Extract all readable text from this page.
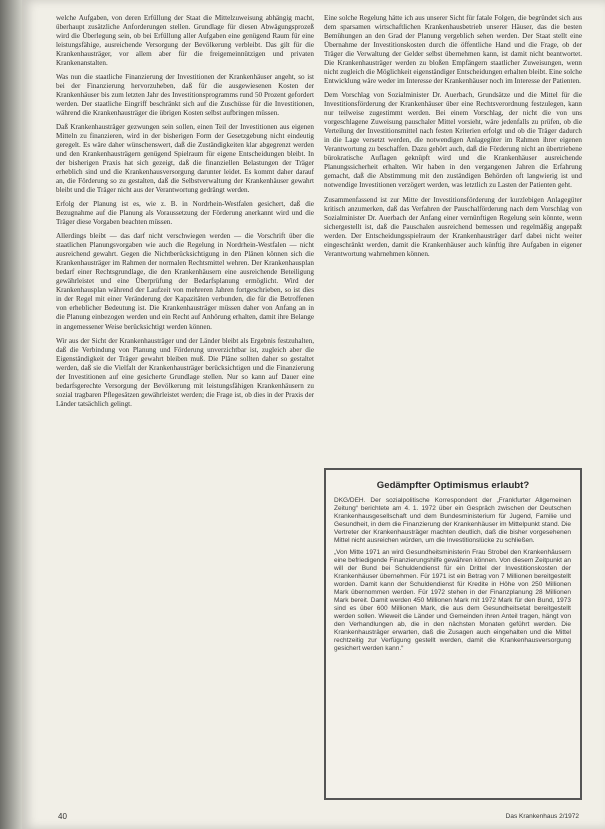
welche Aufgaben, von deren Erfüllung der Staat die Mittelzuweisung abhängig macht, überhaupt zusätzliche Anforderungen stellen. Grundlage für diesen Abwägungsprozeß wird die Überlegung sein, ob bei Erfüllung aller Aufgaben eine genügend Raum für eine leistungsfähige, ausreichende Versorgung der Bevölkerung verbleibt. Das gilt für die Krankenhausträger, vor allem aber für die freigemeinnützigen und privaten Krankenanstalten.

Was nun die staatliche Finanzierung der Investitionen der Krankenhäuser angeht, so ist bei der Finanzierung hervorzuheben, daß für die ausgewiesenen Kosten der Krankenhäuser bis zum letzten Jahr des Investitionsprogramms rund 50 Prozent gefordert werden. Der staatliche Eingriff beschränkt sich auf die Zuschüsse für die Investitionen, während die Krankenhausträger die übrigen Kosten selbst aufbringen müssen.

Daß Krankenhausträger gezwungen sein sollen, einen Teil der Investitionen aus eigenen Mitteln zu finanzieren, wird in der bisherigen Form der Gesetzgebung nicht eindeutig geregelt. Es wäre daher wünschenswert, daß die Zuständigkeiten klar abgegrenzt werden und den Krankenhausträgern genügend Spielraum für eigene Entscheidungen bleibt. In der bisherigen Praxis hat sich gezeigt, daß die finanziellen Belastungen der Träger erheblich sind und die Krankenhausversorgung darunter leidet. Es kommt daher darauf an, die Förderung so zu gestalten, daß die Selbstverwaltung der Krankenhäuser gewahrt bleibt und die Träger nicht aus der Verantwortung gedrängt werden.

Erfolg der Planung ist es, wie z. B. in Nordrhein-Westfalen gesichert, daß die Bezugnahme auf die Planung als Voraussetzung der Förderung anerkannt wird und die Träger diese Vorgaben beachten müssen.

Allerdings bleibt — das darf nicht verschwiegen werden — die Vorschrift über die staatlichen Planungsvorgaben wie auch die Regelung in Nordrhein-Westfalen — nicht ausreichend gewahrt. Gegen die Nichtberücksichtigung in den Plänen können sich die Krankenhausträger im Rahmen der normalen Rechtsmittel wehren. Der Krankenhausplan bedarf einer Rechtsgrundlage, die den Krankenhäusern eine ausreichende Beteiligung gewährleistet und eine Überprüfung der Bedarfsplanung ermöglicht. Wird der Krankenhausplan während der Laufzeit von mehreren Jahren fortgeschrieben, so ist dies in der Regel mit einer Veränderung der Kapazitäten verbunden, die für die Betroffenen von erheblicher Bedeutung ist. Die Krankenhausträger müssen daher von Anfang an in die Planung einbezogen werden und ein Recht auf Anhörung erhalten, damit ihre Belange in angemessener Weise berücksichtigt werden können.

Wir aus der Sicht der Krankenhausträger und der Länder bleibt als Ergebnis festzuhalten, daß die Verbindung von Planung und Förderung unverzichtbar ist, zugleich aber die Eigenständigkeit der Träger gewahrt bleiben muß. Die Pläne sollten daher so gestaltet werden, daß sie die Vielfalt der Krankenhausträger berücksichtigen und die Finanzierung der Investitionen auf eine gesicherte Grundlage stellen. Nur so kann auf Dauer eine bedarfsgerechte Versorgung der Bevölkerung mit leistungsfähigen Krankenhäusern zu sozial tragbaren Pflegesätzen gewährleistet werden; die Frage ist, ob dies in der Praxis der Länder tatsächlich gelingt.

Eine solche Regelung hätte ich aus unserer Sicht für fatale Folgen, die begründet sich aus dem sparsamen wirtschaftlichen Krankenhausbetrieb unserer Häuser, das die besten Bemühungen an den Grad der Planung vergeblich sehen werden. Der Staat stellt eine Übernahme der Investitionskosten durch die öffentliche Hand und die Frage, ob der Träger die Verwaltung der Gelder selbst übernehmen kann, ist damit nicht beantwortet. Die Krankenhausträger werden zu bloßen Empfängern staatlicher Zuweisungen, wenn nicht zugleich die Möglichkeit eigenständiger Entscheidungen erhalten bleibt. Eine solche Entwicklung wäre weder im Interesse der Krankenhäuser noch im Interesse der Patienten.

Dem Vorschlag von Sozialminister Dr. Auerbach, Grundsätze und die Mittel für die Investitionsförderung der Krankenhäuser über eine Rechtsverordnung festzulegen, kann nur teilweise zugestimmt werden. Bei einem Vorschlag, der nicht die von uns vorgeschlagene Zuweisung pauschaler Mittel vorsieht, wäre jedenfalls zu prüfen, ob die Verteilung der Investitionsmittel nach festen Kriterien erfolgt und ob die Träger dadurch in die Lage versetzt werden, die notwendigen Anlagegüter im Rahmen ihrer eigenen Verantwortung zu beschaffen. Dazu gehört auch, daß die Förderung nicht an übertriebene bürokratische Auflagen geknüpft wird und die Krankenhäuser ausreichende Planungssicherheit erhalten. Wir haben in den vergangenen Jahren die Erfahrung gemacht, daß die Abstimmung mit den zuständigen Behörden oft langwierig ist und notwendige Investitionen verzögert werden, was letztlich zu Lasten der Patienten geht.

Zusammenfassend ist zur Mitte der Investitionsförderung der kurzlebigen Anlagegüter kritisch anzumerken, daß das Verfahren der Pauschalförderung nach dem Vorschlag von Sozialminister Dr. Auerbach der Anfang einer vernünftigen Regelung sein könnte, wenn sichergestellt ist, daß die Pauschalen ausreichend bemessen und regelmäßig angepaßt werden. Der Entscheidungsspielraum der Krankenhausträger darf dabei nicht weiter eingeschränkt werden, damit die Krankenhäuser auch künftig ihre Aufgaben in eigener Verantwortung wahrnehmen können.

Gedämpfter Optimismus erlaubt?

DKG/DEH. Der sozialpolitische Korrespondent der „Frankfurter Allgemeinen Zeitung“ berichtete am 4. 1. 1972 über ein Gespräch zwischen der Deutschen Krankenhausgesellschaft und dem Bundesministerium für Jugend, Familie und Gesundheit, in dem die Finanzierung der Krankenhäuser im Mittelpunkt stand. Die Vertreter der Krankenhausträger machten deutlich, daß die bisher vorgesehenen Mittel nicht ausreichen würden, um die Investitionslücke zu schließen.

„Von Mitte 1971 an wird Gesundheitsministerin Frau Strobel den Krankenhäusern eine befriedigende Finanzierungshilfe gewähren können. Von diesem Zeitpunkt an will der Bund bei Schuldendienst für ein Drittel der Investitionskosten der Krankenhäuser übernehmen. Für 1971 ist ein Betrag von 7 Millionen bereitgestellt worden. Damit kann der Schuldendienst für Kredite in Höhe von 250 Millionen Mark übernommen werden. Für 1972 stehen in der Finanzplanung 28 Millionen Mark bereit. Damit werden 450 Millionen Mark mit 1972 Mark für den Bund, 1973 sind es über 600 Millionen Mark, die aus dem Gesundheitsetat bereitgestellt werden sollen. Wieweit die Länder und Gemeinden ihren Anteil tragen, hängt von den Verhandlungen ab, die in den nächsten Monaten geführt werden. Die Krankenhausträger erwarten, daß die Zusagen auch eingehalten und die Mittel rechtzeitig zur Verfügung gestellt werden, damit die Krankenhausversorgung gesichert werden kann.“

40	Das Krankenhaus 2/1972
